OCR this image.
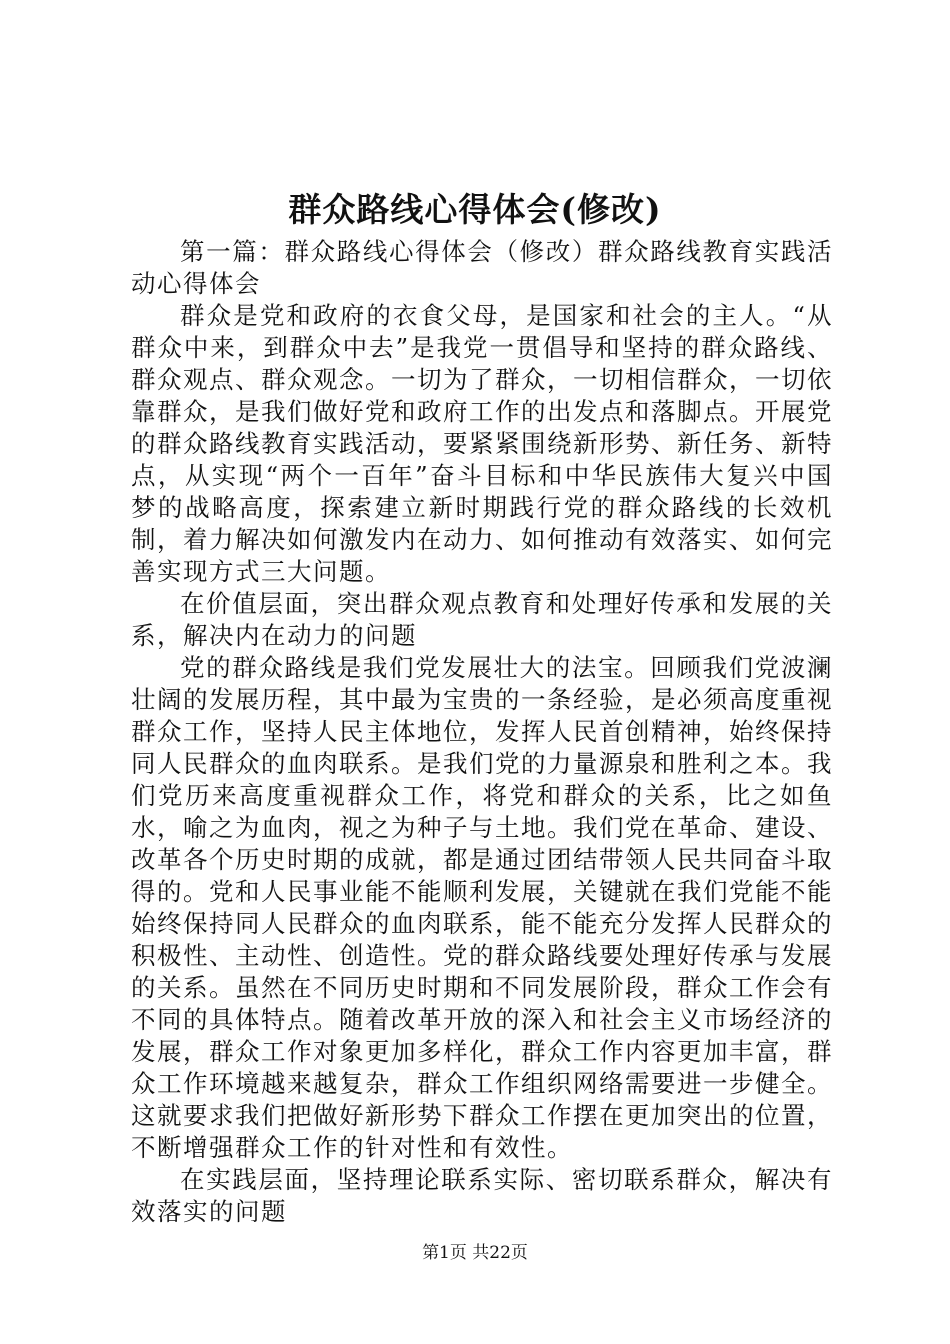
群众路线心得体会(修改)

第一篇：群众路线心得体会（修改）群众路线教育实践活动心得体会

群众是党和政府的衣食父母，是国家和社会的主人。“从群众中来，到群众中去”是我党一贯倡导和坚持的群众路线、群众观点、群众观念。一切为了群众，一切相信群众，一切依靠群众，是我们做好党和政府工作的出发点和落脚点。开展党的群众路线教育实践活动，要紧紧围绕新形势、新任务、新特点，从实现“两个一百年”奋斗目标和中华民族伟大复兴中国梦的战略高度，探索建立新时期践行党的群众路线的长效机制，着力解决如何激发内在动力、如何推动有效落实、如何完善实现方式三大问题。

在价值层面，突出群众观点教育和处理好传承和发展的关系，解决内在动力的问题

党的群众路线是我们党发展壮大的法宝。回顾我们党波澜壮阔的发展历程，其中最为宝贵的一条经验，是必须高度重视群众工作，坚持人民主体地位，发挥人民首创精神，始终保持同人民群众的血肉联系。是我们党的力量源泉和胜利之本。我们党历来高度重视群众工作，将党和群众的关系，比之如鱼水，喻之为血肉，视之为种子与土地。我们党在革命、建设、改革各个历史时期的成就，都是通过团结带领人民共同奋斗取得的。党和人民事业能不能顺利发展，关键就在我们党能不能始终保持同人民群众的血肉联系，能不能充分发挥人民群众的积极性、主动性、创造性。党的群众路线要处理好传承与发展的关系。虽然在不同历史时期和不同发展阶段，群众工作会有不同的具体特点。随着改革开放的深入和社会主义市场经济的发展，群众工作对象更加多样化，群众工作内容更加丰富，群众工作环境越来越复杂，群众工作组织网络需要进一步健全。这就要求我们把做好新形势下群众工作摆在更加突出的位置，不断增强群众工作的针对性和有效性。

在实践层面，坚持理论联系实际、密切联系群众，解决有效落实的问题

第1页 共22页
